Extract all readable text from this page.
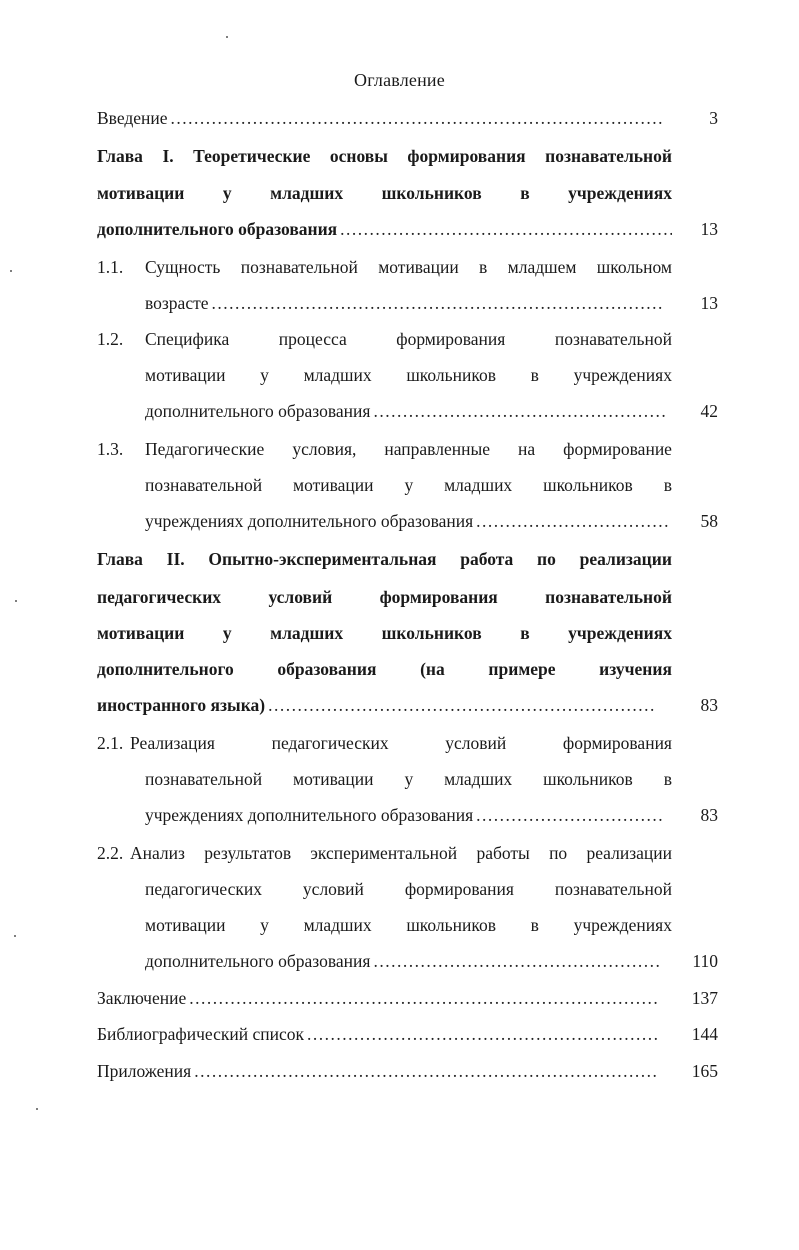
Оглавление
Введение .....	3
Глава I. Теоретические основы формирования познавательной
мотивации у младших школьников в учреждениях
дополнительного образования .....	13
1.1. Сущность познавательной мотивации в младшем школьном
возрасте .....	13
1.2. Специфика	процесса	формирования	познавательной
мотивации у младших школьников в учреждениях
дополнительного образования .....	42
1.3. Педагогические условия, направленные на формирование
познавательной мотивации у младших школьников в
учреждениях дополнительного образования .....	58
Глава II. Опытно-экспериментальная работа по реализации
педагогических	условий	формирования	познавательной
мотивации у младших школьников в учреждениях
дополнительного образования (на примере изучения
иностранного языка) .....	83
2.1. Реализация	педагогических	условий	формирования
познавательной мотивации у младших школьников в
учреждениях дополнительного образования .....	83
2.2. Анализ результатов экспериментальной работы по реализации
педагогических условий формирования познавательной
мотивации у младших школьников в учреждениях
дополнительного образования .....	110
Заключение .....	137
Библиографический список .....	144
Приложения .....	165
